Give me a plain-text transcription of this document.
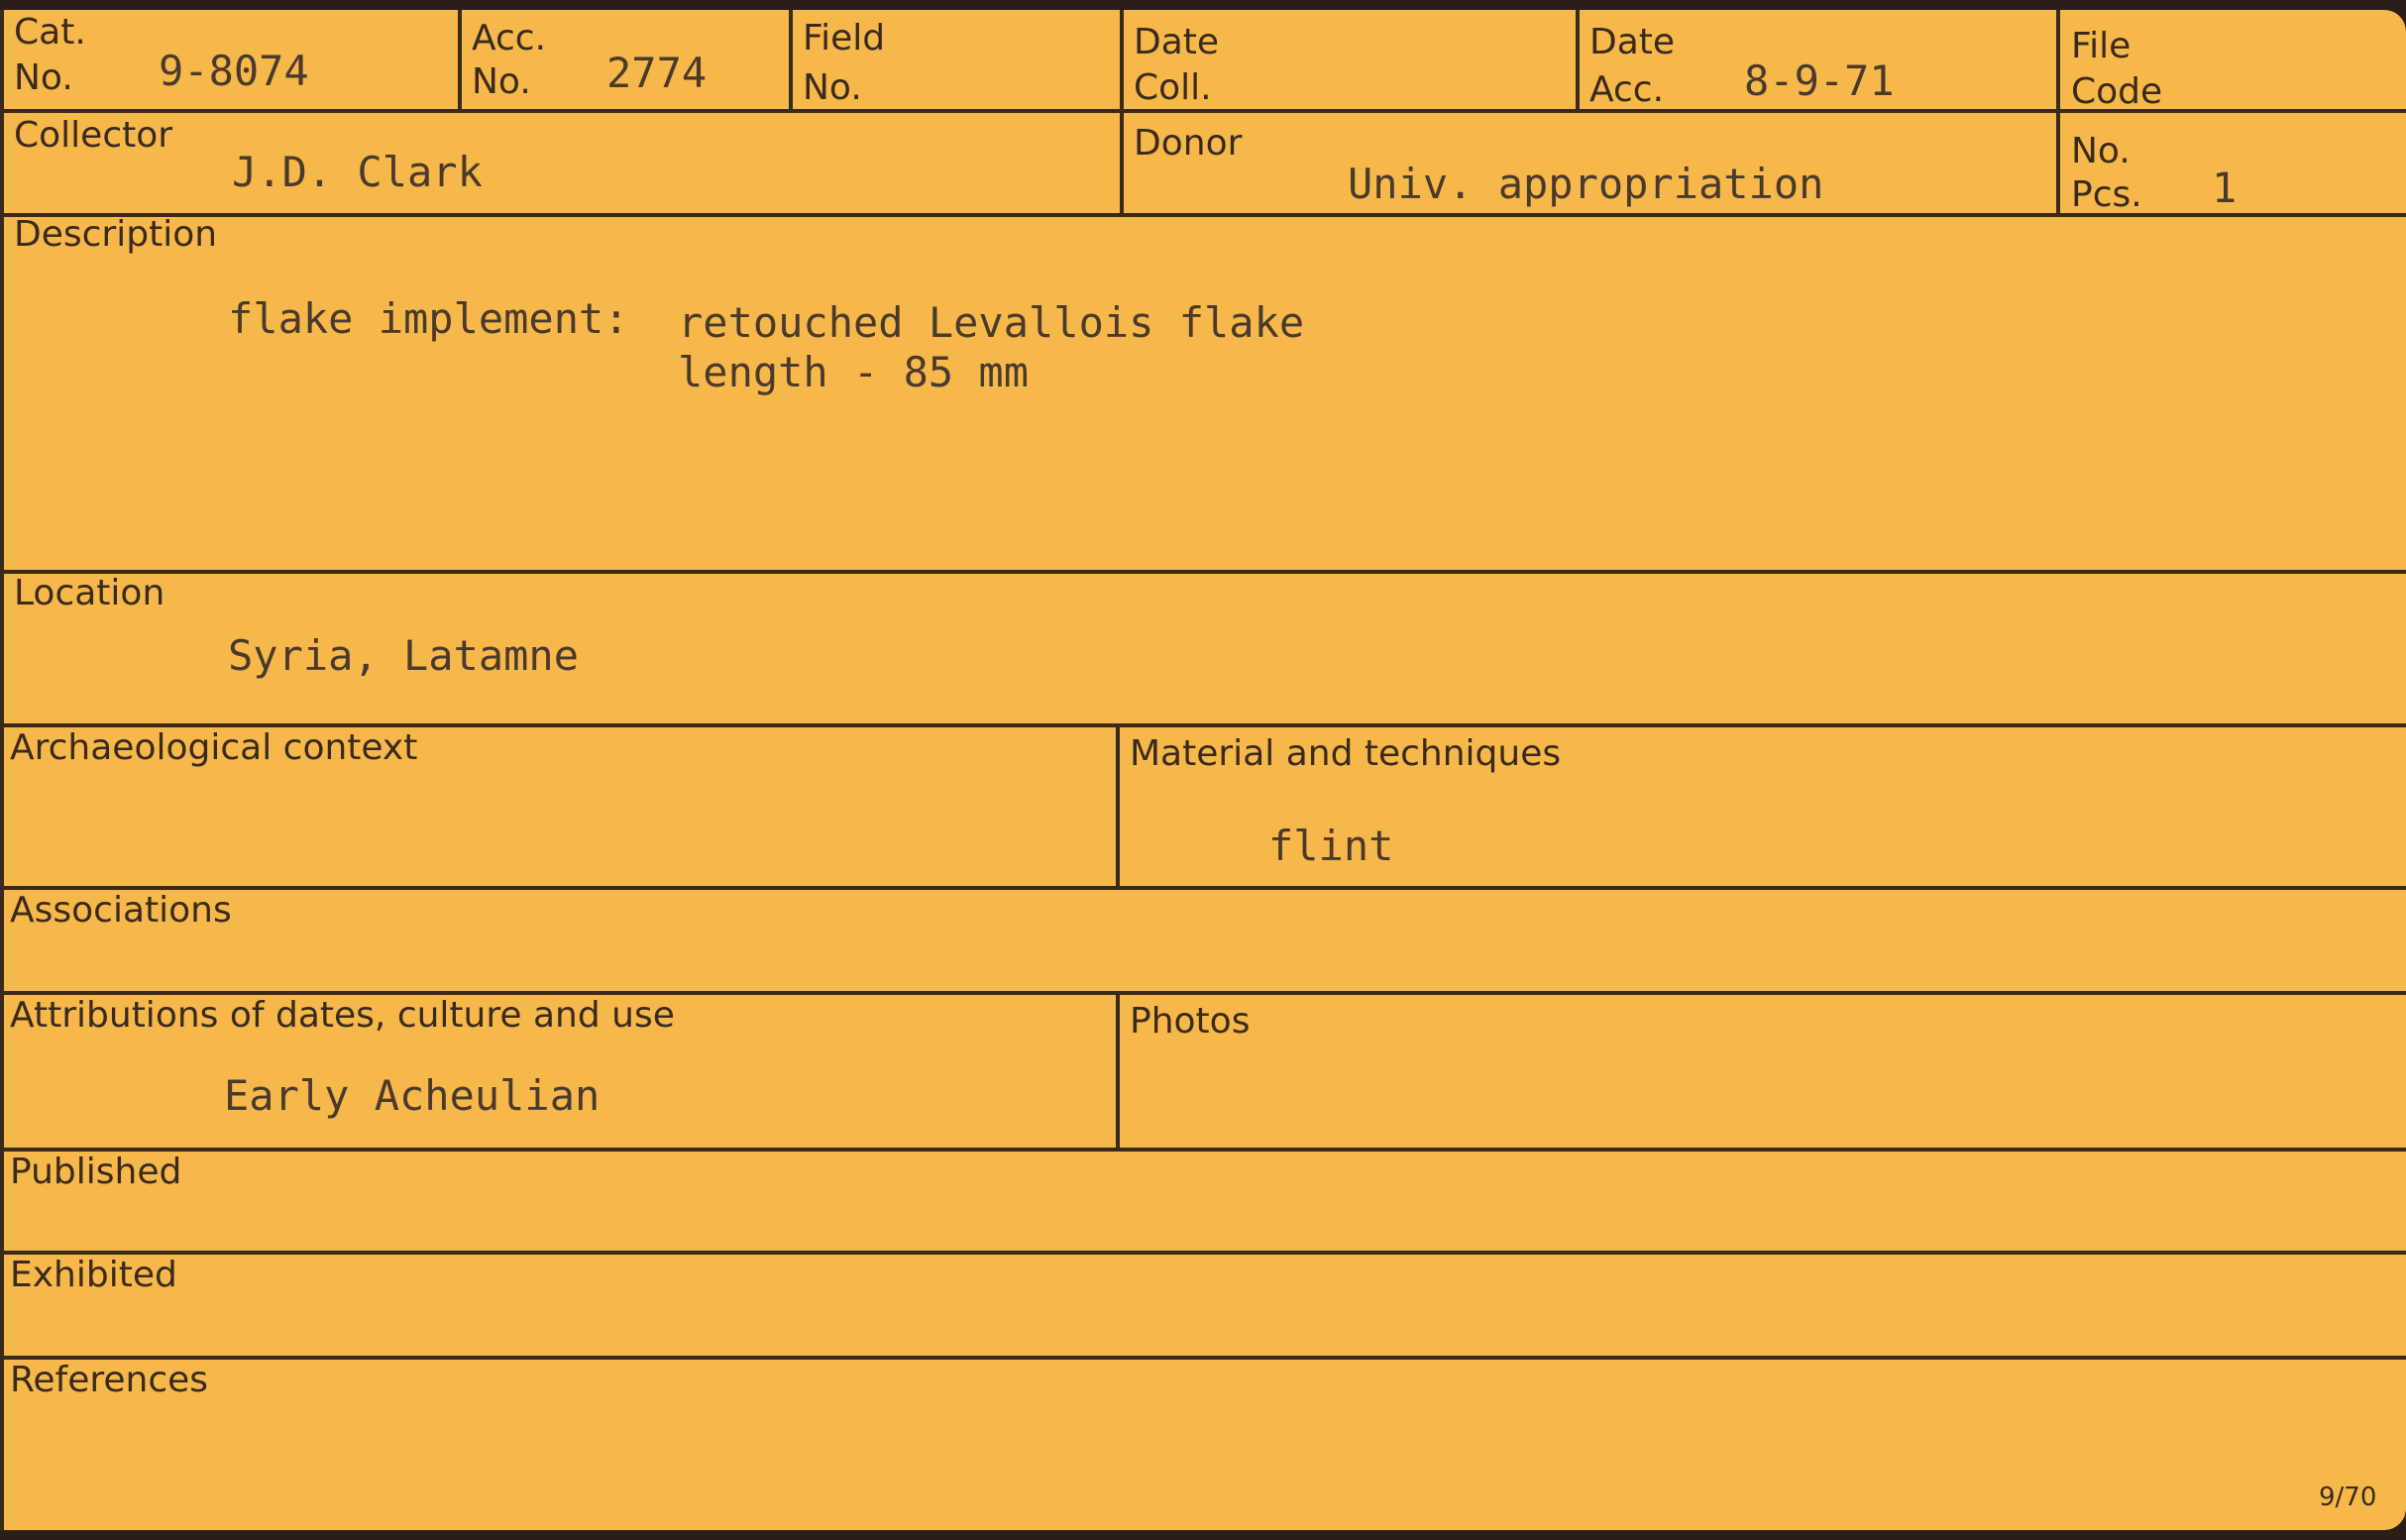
Cat.
No. 9-8074
Acc.
No. 2774
Field
No.
Date
Coll.
Date
Acc. 8-9-71
File
Code
Collector
J.D. Clark
Donor
Univ. appropriation
No.
Pcs. 1
Description
flake implement: retouched Levallois flake
length - 85 mm
Location
Syria, Latamne
Archaeological context	Material and techniques
flint
Associations
Attributions of dates, culture and use
Early Acheulian
Photos
Published
Exhibited
References
9/70
